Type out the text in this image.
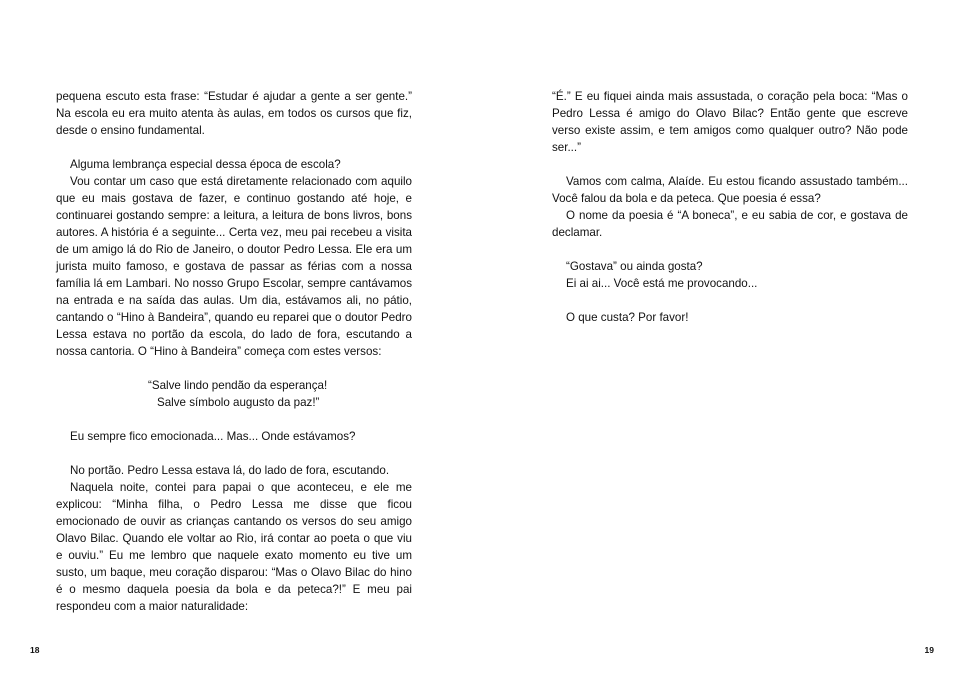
pequena escuto esta frase: “Estudar é ajudar a gente a ser gente.” Na escola eu era muito atenta às aulas, em todos os cursos que fiz, desde o ensino fundamental.

Alguma lembrança especial dessa época de escola?

Vou contar um caso que está diretamente relacionado com aquilo que eu mais gostava de fazer, e continuo gostando até hoje, e continuarei gostando sempre: a leitura, a leitura de bons livros, bons autores. A história é a seguinte... Certa vez, meu pai recebeu a visita de um amigo lá do Rio de Janeiro, o doutor Pedro Lessa. Ele era um jurista muito famoso, e gostava de passar as férias com a nossa família lá em Lambari. No nosso Grupo Escolar, sempre cantávamos na entrada e na saída das aulas. Um dia, estávamos ali, no pátio, cantando o “Hino à Bandeira”, quando eu reparei que o doutor Pedro Lessa estava no portão da escola, do lado de fora, escutando a nossa cantoria. O “Hino à Bandeira” começa com estes versos:

“Salve lindo pendão da esperança!
Salve símbolo augusto da paz!”

Eu sempre fico emocionada... Mas... Onde estávamos?

No portão. Pedro Lessa estava lá, do lado de fora, escutando.

Naquela noite, contei para papai o que aconteceu, e ele me explicou: “Minha filha, o Pedro Lessa me disse que ficou emocionado de ouvir as crianças cantando os versos do seu amigo Olavo Bilac. Quando ele voltar ao Rio, irá contar ao poeta o que viu e ouviu.” Eu me lembro que naquele exato momento eu tive um susto, um baque, meu coração disparou: “Mas o Olavo Bilac do hino é o mesmo daquela poesia da bola e da peteca?!” E meu pai respondeu com a maior naturalidade:

18

“É.” E eu fiquei ainda mais assustada, o coração pela boca: “Mas o Pedro Lessa é amigo do Olavo Bilac? Então gente que escreve verso existe assim, e tem amigos como qualquer outro? Não pode ser...”

Vamos com calma, Alaíde. Eu estou ficando assustado também... Você falou da bola e da peteca. Que poesia é essa?

O nome da poesia é “A boneca”, e eu sabia de cor, e gostava de declamar.

“Gostava” ou ainda gosta?

Ei ai ai... Você está me provocando...

O que custa? Por favor!

19
